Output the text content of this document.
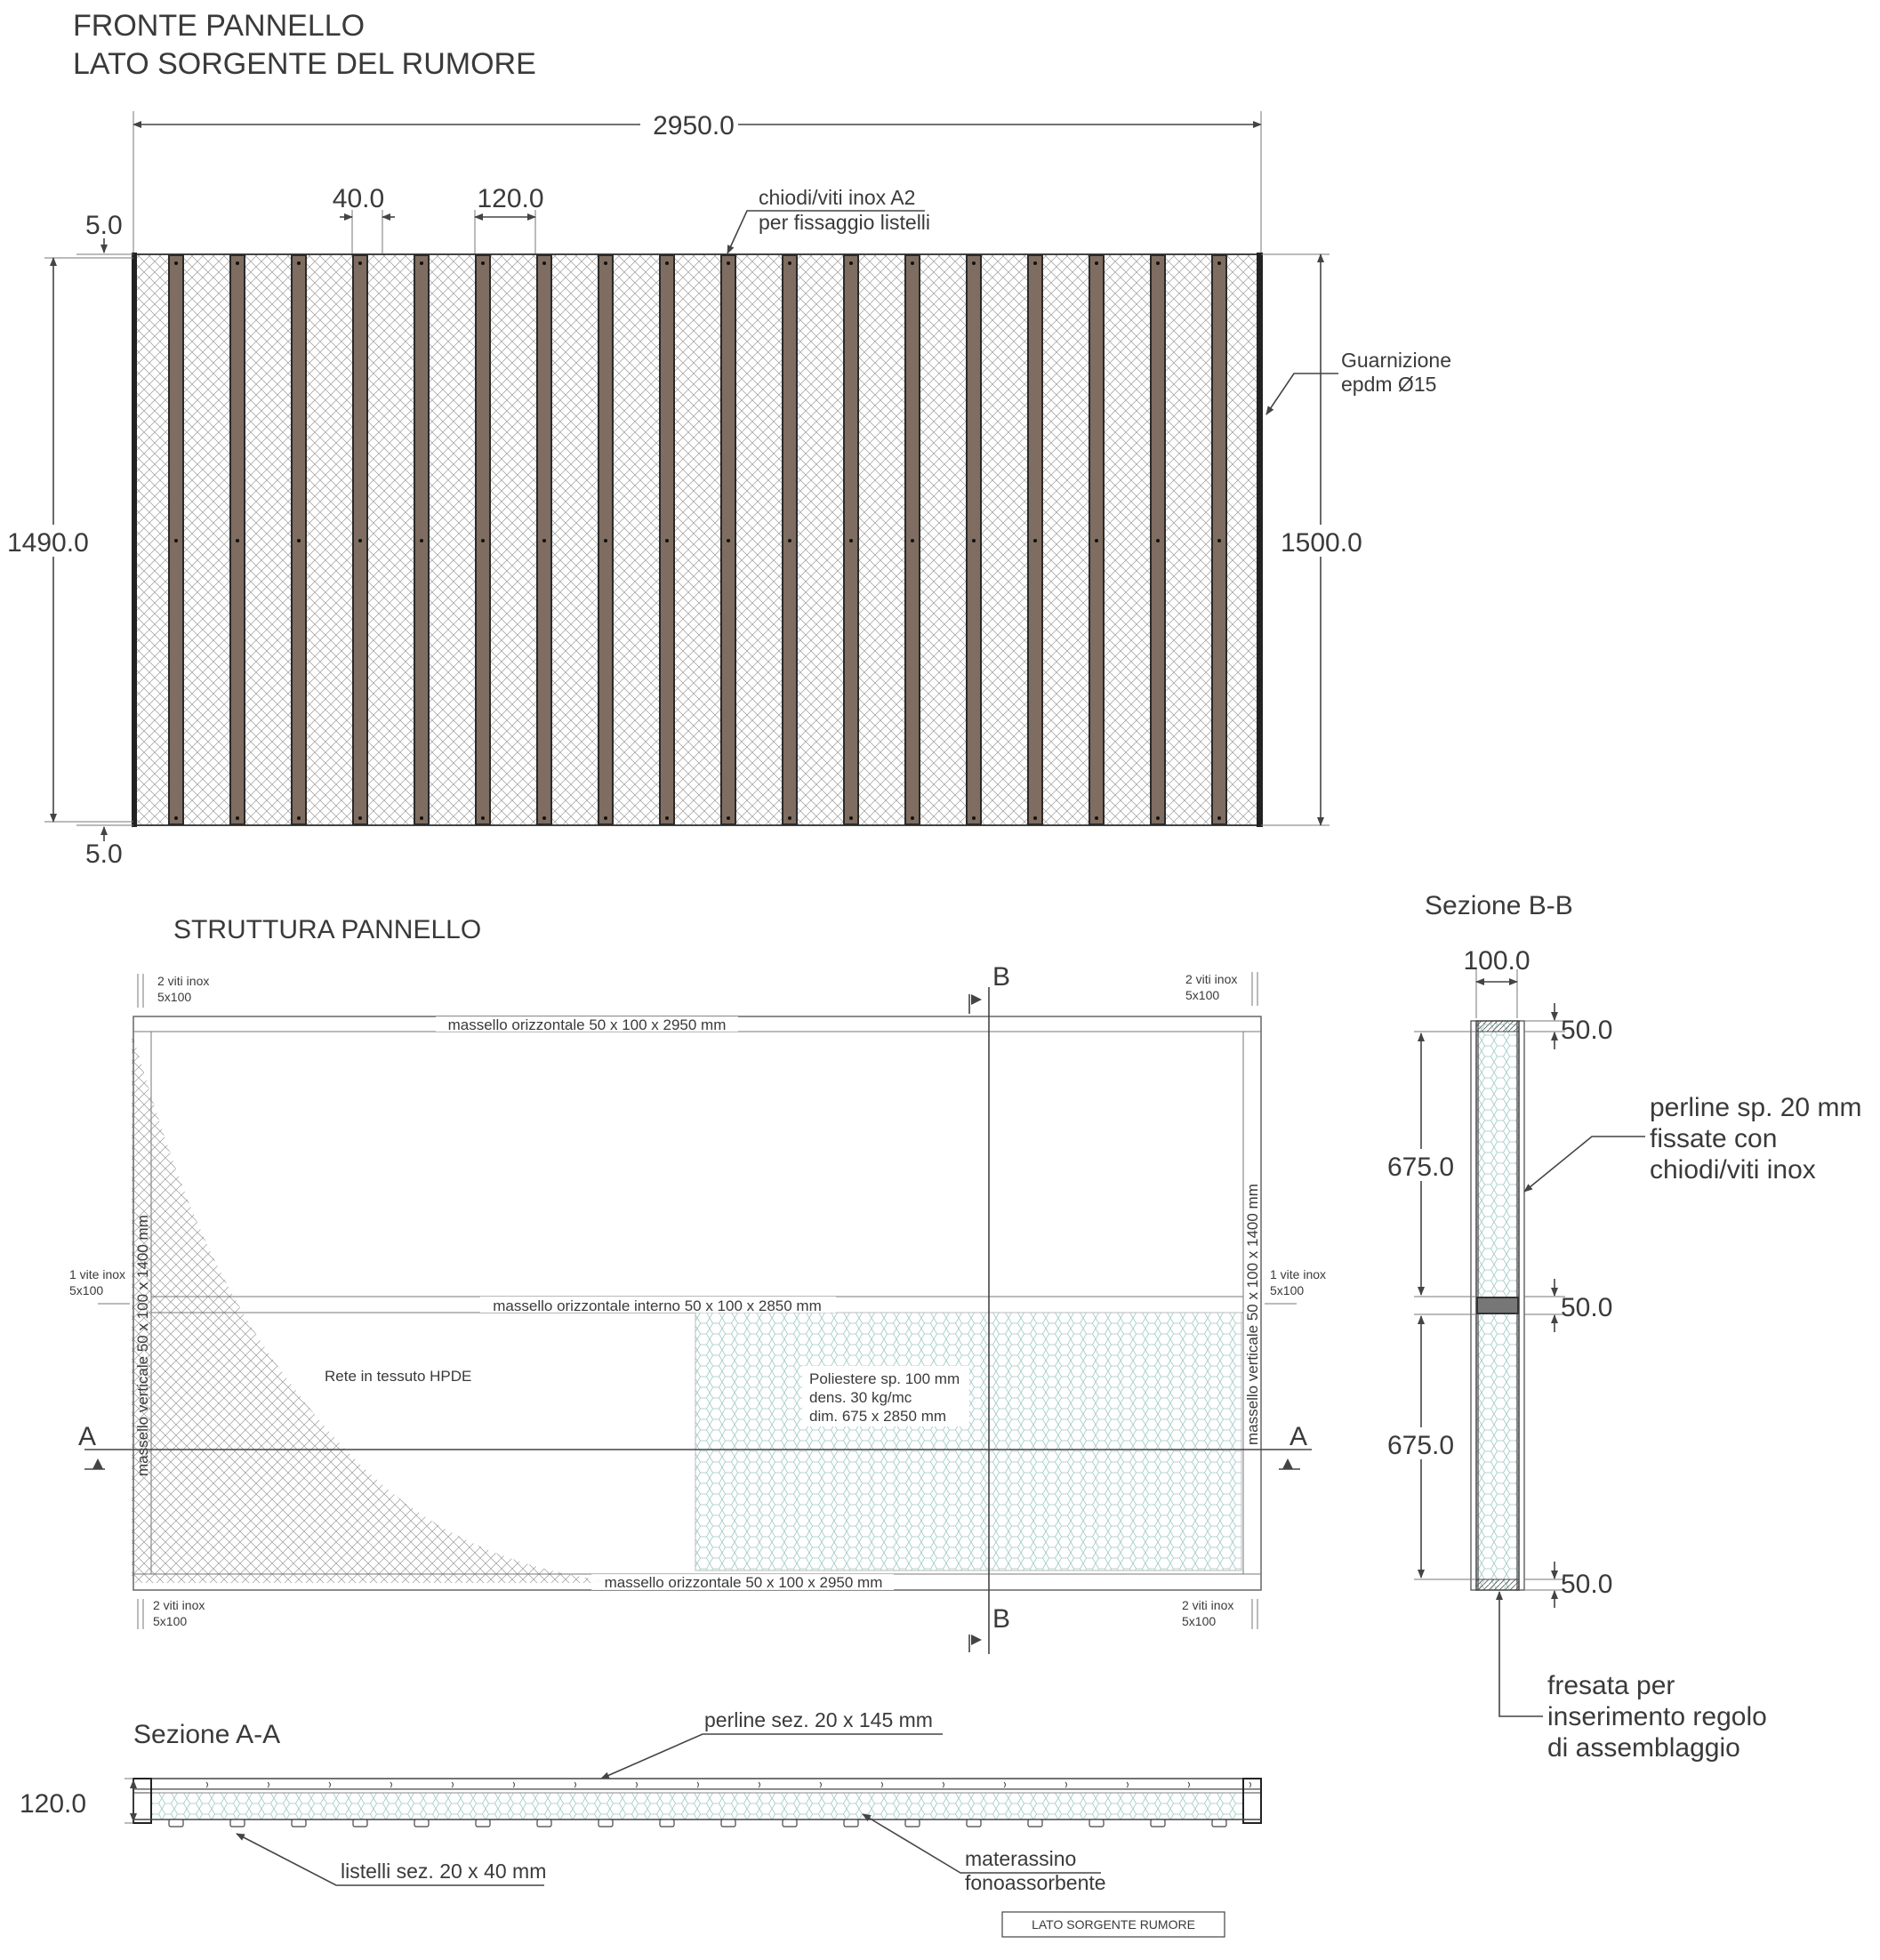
FRONTE PANNELLO
LATO SORGENTE DEL RUMORE
2950.0
40.0	120.0	chiodi/viti inox A2
per fissaggio listelli
5.0
5.0
1490.0	1500.0
Guarnizione
epdm Ø15
STRUTTURA PANNELLO
massello orizzontale 50 x 100 x 2950 mm
massello orizzontale interno 50 x 100 x 2850 mm
massello orizzontale 50 x 100 x 2950 mm
massello verticale 50 x 100 x 1400 mm	massello verticale 50 x 100 x 1400 mm
2 viti inox
5x100
2 viti inox
5x100
2 viti inox
5x100
2 viti inox
5x100
1 vite inox
5x100
1 vite inox
5x100
Rete in tessuto HPDE	Poliestere sp. 100 mm
dens. 30 kg/mc
dim. 675 x 2850 mm
A	A
B
B
Sezione B-B
100.0
50.0
50.0
50.0
675.0
675.0
perline sp. 20 mm
fissate con
chiodi/viti inox
fresata per
inserimento regolo
di assemblaggio
Sezione A-A
120.0
perline sez. 20 x 145 mm
listelli sez. 20 x 40 mm
materassino
fonoassorbente
LATO SORGENTE RUMORE
